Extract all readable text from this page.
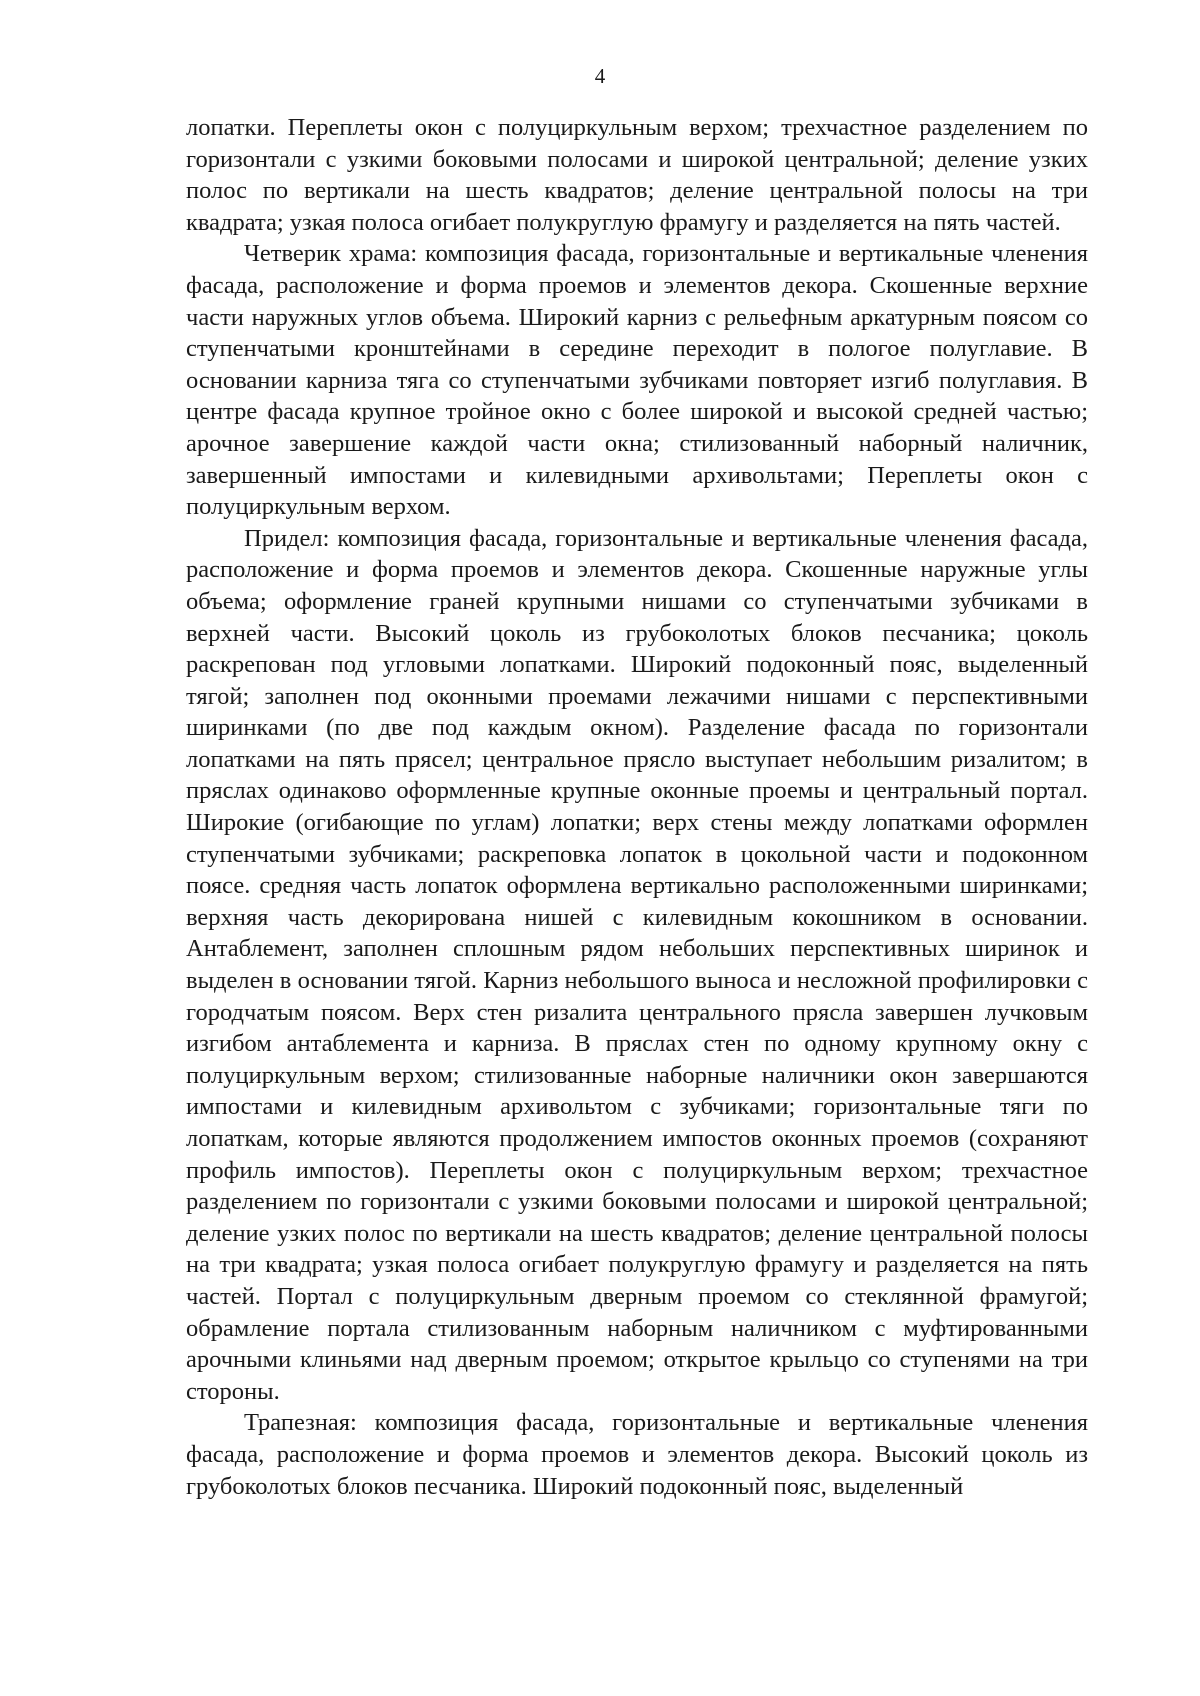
4

лопатки. Переплеты окон с полуциркульным верхом; трехчастное разделением по горизонтали с узкими боковыми полосами и широкой центральной; деление узких полос по вертикали на шесть квадратов; деление центральной полосы на три квадрата; узкая полоса огибает полукруглую фрамугу и разделяется на пять частей.

Четверик храма: композиция фасада, горизонтальные и вертикальные членения фасада, расположение и форма проемов и элементов декора. Скошенные верхние части наружных углов объема. Широкий карниз с рельефным аркатурным поясом со ступенчатыми кронштейнами в середине переходит в пологое полуглавие. В основании карниза тяга со ступенчатыми зубчиками повторяет изгиб полуглавия. В центре фасада крупное тройное окно с более широкой и высокой средней частью; арочное завершение каждой части окна; стилизованный наборный наличник, завершенный импостами и килевидными архивольтами; Переплеты окон с полуциркульным верхом.

Придел: композиция фасада, горизонтальные и вертикальные членения фасада, расположение и форма проемов и элементов декора. Скошенные наружные углы объема; оформление граней крупными нишами со ступенчатыми зубчиками в верхней части. Высокий цоколь из грубоколотых блоков песчаника; цоколь раскрепован под угловыми лопатками. Широкий подоконный пояс, выделенный тягой; заполнен под оконными проемами лежачими нишами с перспективными ширинками (по две под каждым окном). Разделение фасада по горизонтали лопатками на пять прясел; центральное прясло выступает небольшим ризалитом; в пряслах одинаково оформленные крупные оконные проемы и центральный портал. Широкие (огибающие по углам) лопатки; верх стены между лопатками оформлен ступенчатыми зубчиками; раскреповка лопаток в цокольной части и подоконном поясе. средняя часть лопаток оформлена вертикально расположенными ширинками; верхняя часть декорирована нишей с килевидным кокошником в основании. Антаблемент, заполнен сплошным рядом небольших перспективных ширинок и выделен в основании тягой. Карниз небольшого выноса и несложной профилировки с городчатым поясом. Верх стен ризалита центрального прясла завершен лучковым изгибом антаблемента и карниза. В пряслах стен по одному крупному окну с полуциркульным верхом; стилизованные наборные наличники окон завершаются импостами и килевидным архивольтом с зубчиками; горизонтальные тяги по лопаткам, которые являются продолжением импостов оконных проемов (сохраняют профиль импостов). Переплеты окон с полуциркульным верхом; трехчастное разделением по горизонтали с узкими боковыми полосами и широкой центральной; деление узких полос по вертикали на шесть квадратов; деление центральной полосы на три квадрата; узкая полоса огибает полукруглую фрамугу и разделяется на пять частей. Портал с полуциркульным дверным проемом со стеклянной фрамугой; обрамление портала стилизованным наборным наличником с муфтированными арочными клиньями над дверным проемом; открытое крыльцо со ступенями на три стороны.

Трапезная: композиция фасада, горизонтальные и вертикальные членения фасада, расположение и форма проемов и элементов декора. Высокий цоколь из грубоколотых блоков песчаника. Широкий подоконный пояс, выделенный
